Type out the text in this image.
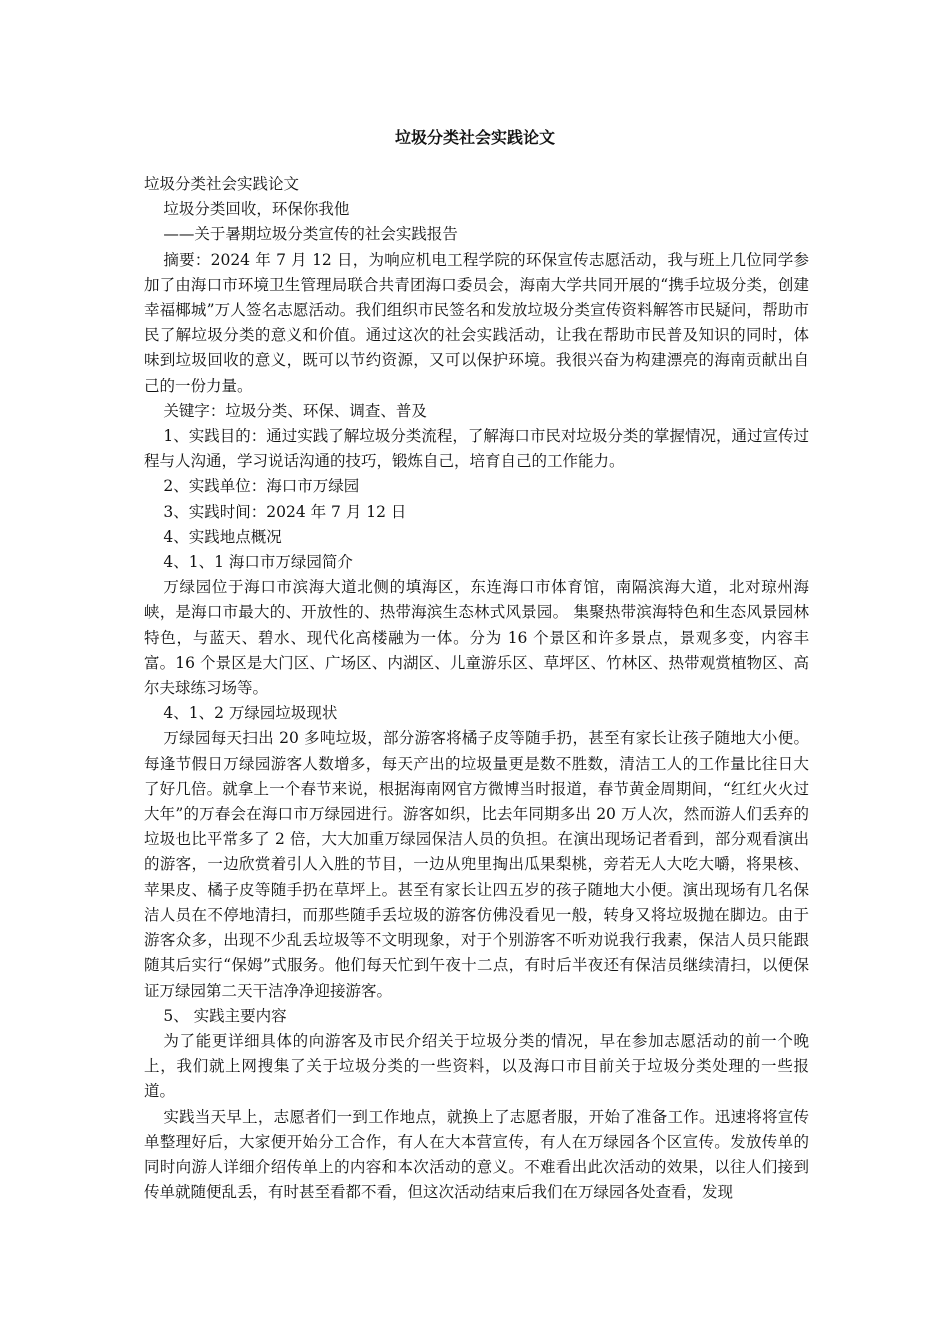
垃圾分类社会实践论文

垃圾分类社会实践论文

垃圾分类回收，环保你我他

——关于暑期垃圾分类宣传的社会实践报告

摘要：2024 年 7 月 12 日，为响应机电工程学院的环保宣传志愿活动，我与班上几位同学参加了由海口市环境卫生管理局联合共青团海口委员会，海南大学共同开展的“携手垃圾分类，创建幸福椰城”万人签名志愿活动。我们组织市民签名和发放垃圾分类宣传资料解答市民疑问，帮助市民了解垃圾分类的意义和价值。通过这次的社会实践活动，让我在帮助市民普及知识的同时，体味到垃圾回收的意义，既可以节约资源，又可以保护环境。我很兴奋为构建漂亮的海南贡献出自己的一份力量。

关键字：垃圾分类、环保、调查、普及

1、实践目的：通过实践了解垃圾分类流程，了解海口市民对垃圾分类的掌握情况，通过宣传过程与人沟通，学习说话沟通的技巧，锻炼自己，培育自己的工作能力。

2、实践单位：海口市万绿园

3、实践时间：2024 年 7 月 12 日

4、实践地点概况

4、1、1 海口市万绿园简介

万绿园位于海口市滨海大道北侧的填海区，东连海口市体育馆，南隔滨海大道，北对琼州海峡，是海口市最大的、开放性的、热带海滨生态林式风景园。 集聚热带滨海特色和生态风景园林特色，与蓝天、碧水、现代化高楼融为一体。分为 16 个景区和许多景点，景观多变，内容丰富。16 个景区是大门区、广场区、内湖区、儿童游乐区、草坪区、竹林区、热带观赏植物区、高尔夫球练习场等。

4、1、2 万绿园垃圾现状

万绿园每天扫出 20 多吨垃圾，部分游客将橘子皮等随手扔，甚至有家长让孩子随地大小便。每逢节假日万绿园游客人数增多，每天产出的垃圾量更是数不胜数，清洁工人的工作量比往日大了好几倍。就拿上一个春节来说，根据海南网官方微博当时报道，春节黄金周期间，“红红火火过大年”的万春会在海口市万绿园进行。游客如织，比去年同期多出 20 万人次，然而游人们丢弃的垃圾也比平常多了 2 倍，大大加重万绿园保洁人员的负担。在演出现场记者看到，部分观看演出的游客，一边欣赏着引人入胜的节目，一边从兜里掏出瓜果梨桃，旁若无人大吃大嚼，将果核、苹果皮、橘子皮等随手扔在草坪上。甚至有家长让四五岁的孩子随地大小便。演出现场有几名保洁人员在不停地清扫，而那些随手丢垃圾的游客仿佛没看见一般，转身又将垃圾抛在脚边。由于游客众多，出现不少乱丢垃圾等不文明现象，对于个别游客不听劝说我行我素，保洁人员只能跟随其后实行“保姆”式服务。他们每天忙到午夜十二点，有时后半夜还有保洁员继续清扫，以便保证万绿园第二天干洁净净迎接游客。

5、 实践主要内容

为了能更详细具体的向游客及市民介绍关于垃圾分类的情况，早在参加志愿活动的前一个晚上，我们就上网搜集了关于垃圾分类的一些资料，以及海口市目前关于垃圾分类处理的一些报道。

实践当天早上，志愿者们一到工作地点，就换上了志愿者服，开始了准备工作。迅速将将宣传单整理好后，大家便开始分工合作，有人在大本营宣传，有人在万绿园各个区宣传。发放传单的同时向游人详细介绍传单上的内容和本次活动的意义。不难看出此次活动的效果，以往人们接到传单就随便乱丢，有时甚至看都不看，但这次活动结束后我们在万绿园各处查看，发现
